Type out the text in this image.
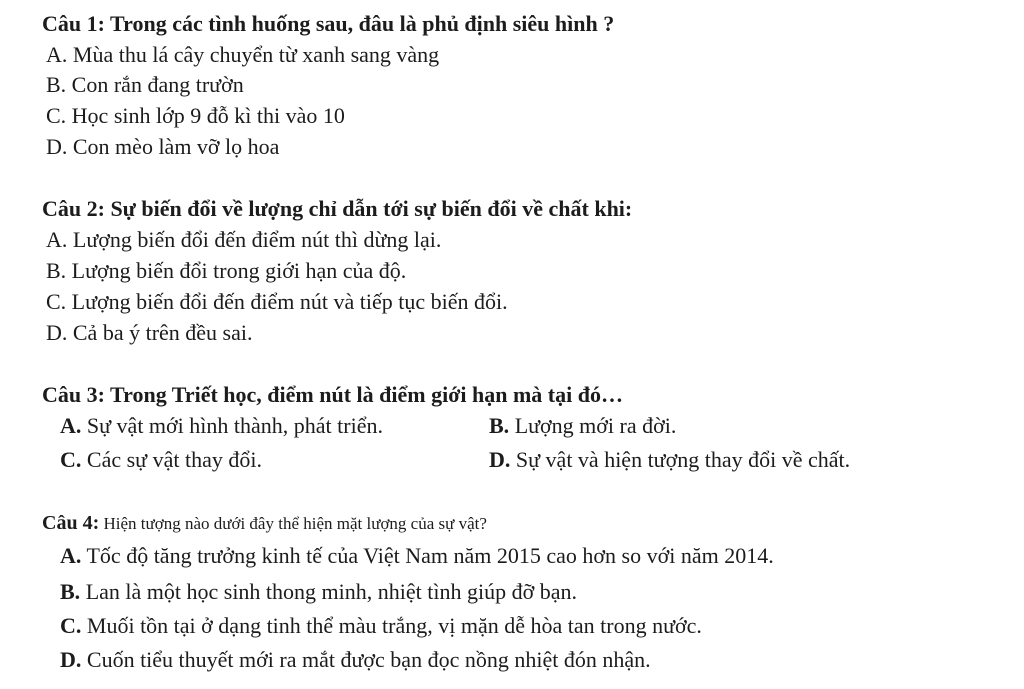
Câu 1: Trong các tình huống sau, đâu là phủ định siêu hình ?
A. Mùa thu lá cây chuyển từ xanh sang vàng
B. Con rắn đang trườn
C. Học sinh lớp 9 đỗ kì thi vào 10
D. Con mèo làm vỡ lọ hoa
Câu 2: Sự biến đổi về lượng chỉ dẫn tới sự biến đổi về chất khi:
A. Lượng biến đổi đến điểm nút thì dừng lại.
B. Lượng biến đổi trong giới hạn của độ.
C. Lượng biến đổi đến điểm nút và tiếp tục biến đổi.
D. Cả ba ý trên đều sai.
Câu 3: Trong Triết học, điểm nút là điểm giới hạn mà tại đó…
A. Sự vật mới hình thành, phát triển.	B. Lượng mới ra đời.
C. Các sự vật thay đổi.	D. Sự vật và hiện tượng thay đổi về chất.
Câu 4: Hiện tượng nào dưới đây thể hiện mặt lượng của sự vật?
A. Tốc độ tăng trưởng kinh tế của Việt Nam năm 2015 cao hơn so với năm 2014.
B. Lan là một học sinh thong minh, nhiệt tình giúp đỡ bạn.
C. Muối tồn tại ở dạng tinh thể màu trắng, vị mặn dễ hòa tan trong nước.
D. Cuốn tiểu thuyết mới ra mắt được bạn đọc nồng nhiệt đón nhận.
